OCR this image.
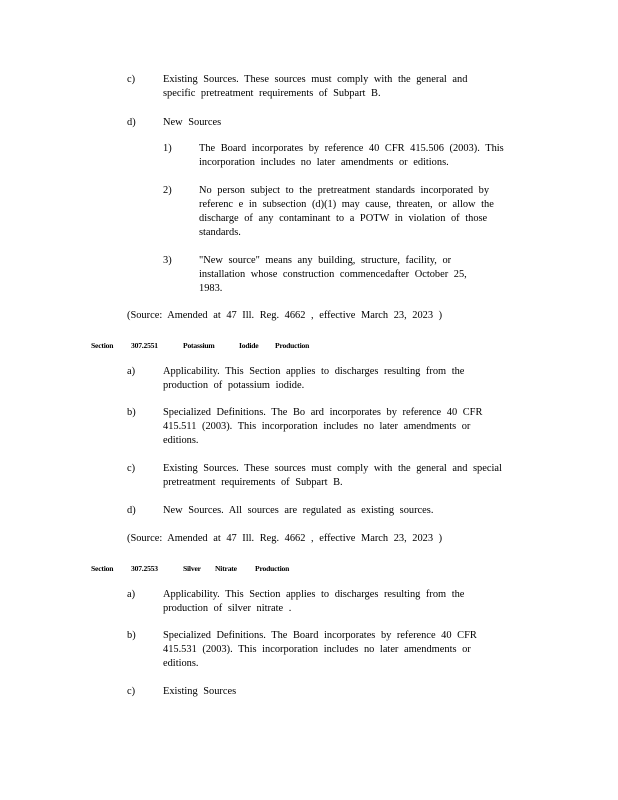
c)	Existing Sources. These sources must comply with the general and
specific pretreatment requirements of Subpart B.
d)	New Sources
1)	The Board incorporates by reference 40 CFR 415.506 (2003). This
incorporation includes no later amendments or editions.
2)	No person subject to the pretreatment standards incorporated by
referenc e in subsection (d)(1) may cause, threaten, or allow the
discharge of any contaminant to a POTW in violation of those
standards.
3)	"New source" means any building, structure, facility, or
installation whose construction commencedafter October 25,
1983.
(Source: Amended at 47 Ill. Reg. 4662 , effective March 23, 2023 )
Section 307.2551	Potassium	Iodide Production
a)	Applicability. This Section applies to discharges resulting from the
production of potassium iodide.
b)	Specialized Definitions. The Bo ard incorporates by reference 40 CFR
415.511 (2003). This incorporation includes no later amendments or
editions.
c)	Existing Sources. These sources must comply with the general and special
pretreatment requirements of Subpart B.
d)	New Sources. All sources are regulated as existing sources.
(Source: Amended at 47 Ill. Reg. 4662 , effective March 23, 2023 )
Section 307.2553	Silver Nitrate Production
a)	Applicability. This Section applies to discharges resulting from the
production of silver nitrate .
b)	Specialized Definitions. The Board incorporates by reference 40 CFR
415.531 (2003). This incorporation includes no later amendments or
editions.
c)	Existing Sources
